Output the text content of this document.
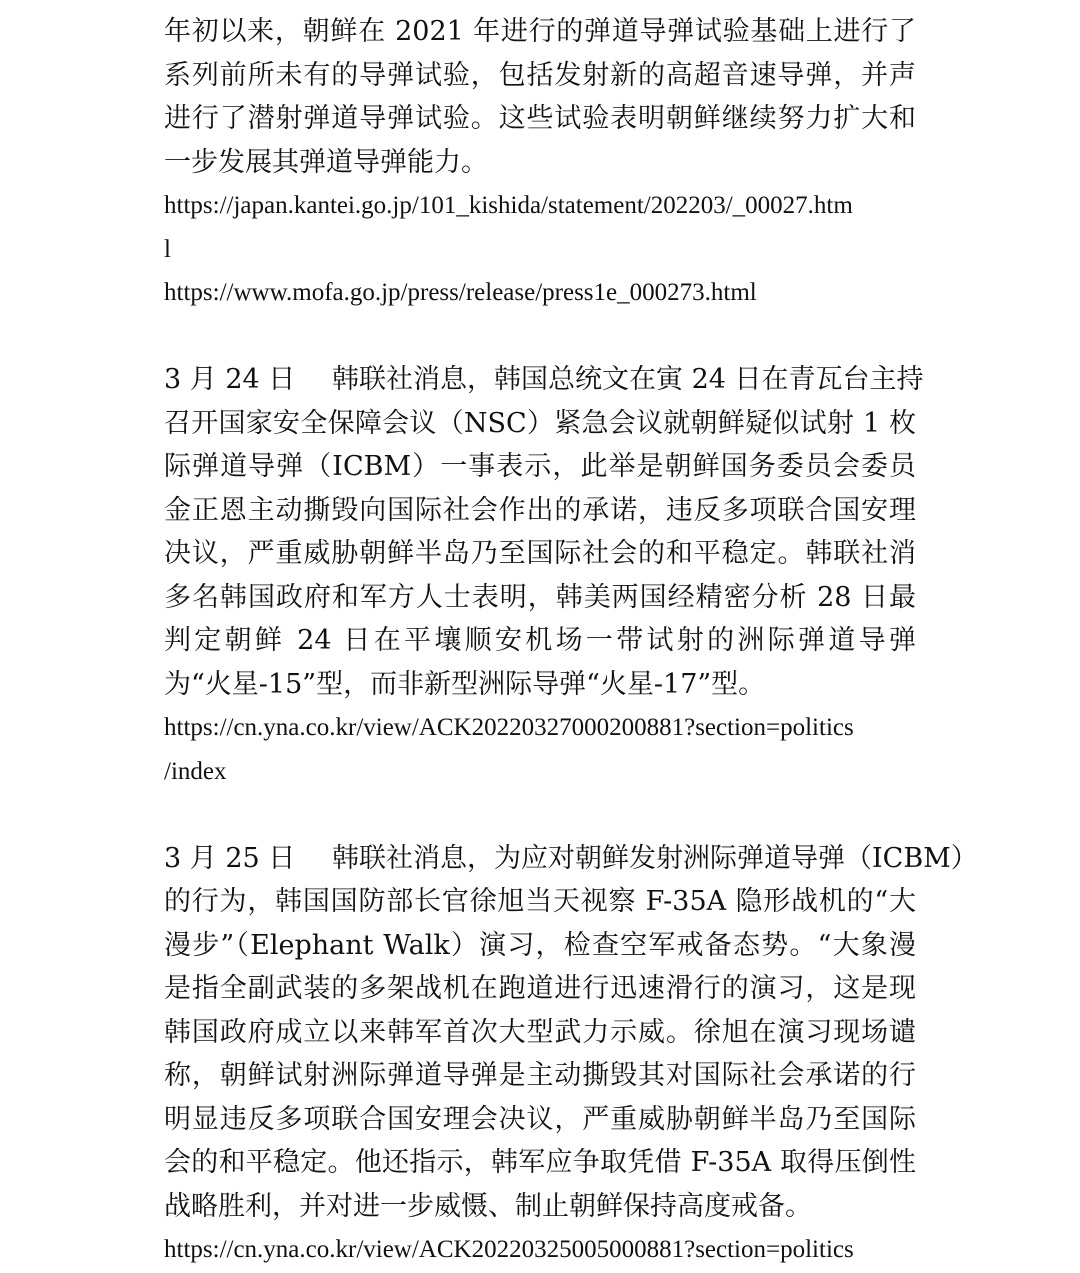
年初以来，朝鲜在 2021 年进行的弹道导弹试验基础上进行了
系列前所未有的导弹试验，包括发射新的高超音速导弹，并声
进行了潜射弹道导弹试验。这些试验表明朝鲜继续努力扩大和
一步发展其弹道导弹能力。
https://japan.kantei.go.jp/101_kishida/statement/202203/_00027.htm
l
https://www.mofa.go.jp/press/release/press1e_000273.html
3 月 24 日 韩联社消息，韩国总统文在寅 24 日在青瓦台主持
召开国家安全保障会议（NSC）紧急会议就朝鲜疑似试射 1 枚
际弹道导弹（ICBM）一事表示，此举是朝鲜国务委员会委员
金正恩主动撕毁向国际社会作出的承诺，违反多项联合国安理
决议，严重威胁朝鲜半岛乃至国际社会的和平稳定。韩联社消
多名韩国政府和军方人士表明，韩美两国经精密分析 28 日最
判定朝鲜 24 日在平壤顺安机场一带试射的洲际弹道导弹
为“火星-15”型，而非新型洲际导弹“火星-17”型。
https://cn.yna.co.kr/view/ACK20220327000200881?section=politics
/index
3 月 25 日 韩联社消息，为应对朝鲜发射洲际弹道导弹（ICBM）
的行为，韩国国防部长官徐旭当天视察 F-35A 隐形战机的“大
漫步”（Elephant Walk）演习，检查空军戒备态势。“大象漫
是指全副武装的多架战机在跑道进行迅速滑行的演习，这是现
韩国政府成立以来韩军首次大型武力示威。徐旭在演习现场谴
称，朝鲜试射洲际弹道导弹是主动撕毁其对国际社会承诺的行
明显违反多项联合国安理会决议，严重威胁朝鲜半岛乃至国际
会的和平稳定。他还指示，韩军应争取凭借 F-35A 取得压倒性
战略胜利，并对进一步威慑、制止朝鲜保持高度戒备。
https://cn.yna.co.kr/view/ACK20220325005000881?section=politics
